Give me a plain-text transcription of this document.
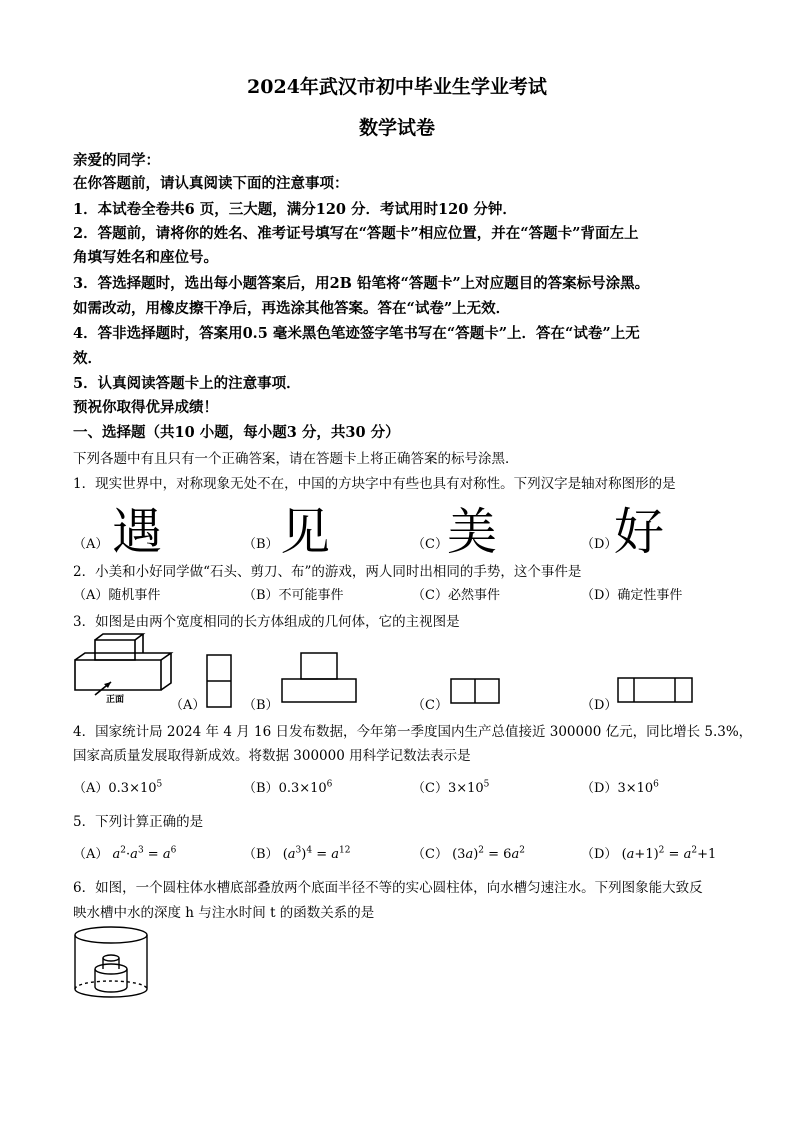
2024年武汉市初中毕业生学业考试
数学试卷
亲爱的同学：
在你答题前，请认真阅读下面的注意事项：
1．本试卷全卷共6 页，三大题，满分120 分．考试用时120 分钟．
2．答题前，请将你的姓名、准考证号填写在“答题卡”相应位置，并在“答题卡”背面左上
角填写姓名和座位号。
3．答选择题时，选出每小题答案后，用2B 铅笔将“答题卡”上对应题目的答案标号涂黑。
如需改动，用橡皮擦干净后，再选涂其他答案。答在“试卷”上无效．
4．答非选择题时，答案用0.5 毫米黑色笔迹签字笔书写在“答题卡”上．答在“试卷”上无
效．
5．认真阅读答题卡上的注意事项．
预祝你取得优异成绩！
一、选择题（共10 小题，每小题3 分，共30 分）
下列各题中有且只有一个正确答案，请在答题卡上将正确答案的标号涂黑．
1．现实世界中，对称现象无处不在，中国的方块字中有些也具有对称性。下列汉字是轴对称图形的是
（A） 遇	（B） 见	（C） 美	（D）
好
2．小美和小好同学做“石头、剪刀、布”的游戏，两人同时出相同的手势，这个事件是
（A）随机事件	（B）不可能事件	（C）必然事件	（D）确定性事件
3．如图是由两个宽度相同的长方体组成的几何体，它的主视图是
正面	（A）	（B）	（C）	（D）
4．国家统计局 2024 年 4 月 16 日发布数据，今年第一季度国内生产总值接近 300000 亿元，同比增长 5.3%，
国家高质量发展取得新成效。将数据 300000 用科学记数法表示是
$(A)0.3\times 10^5$	$(B)0.3\times 10^6$	$(C)3\times 10^5$	$(D)3\times 10^6$
5．下列计算正确的是
（A） $a^2\cdot a^3 = a^6$	（B） $(a^3)^4 = a^{12}$	（C） $(3a)^2 = 6a^2$	（D） $(a+1)^2 = a^2+1$
6．如图，一个圆柱体水槽底部叠放两个底面半径不等的实心圆柱体，向水槽匀速注水。下列图象能大致反
映水槽中水的深度 h 与注水时间 t 的函数关系的是
